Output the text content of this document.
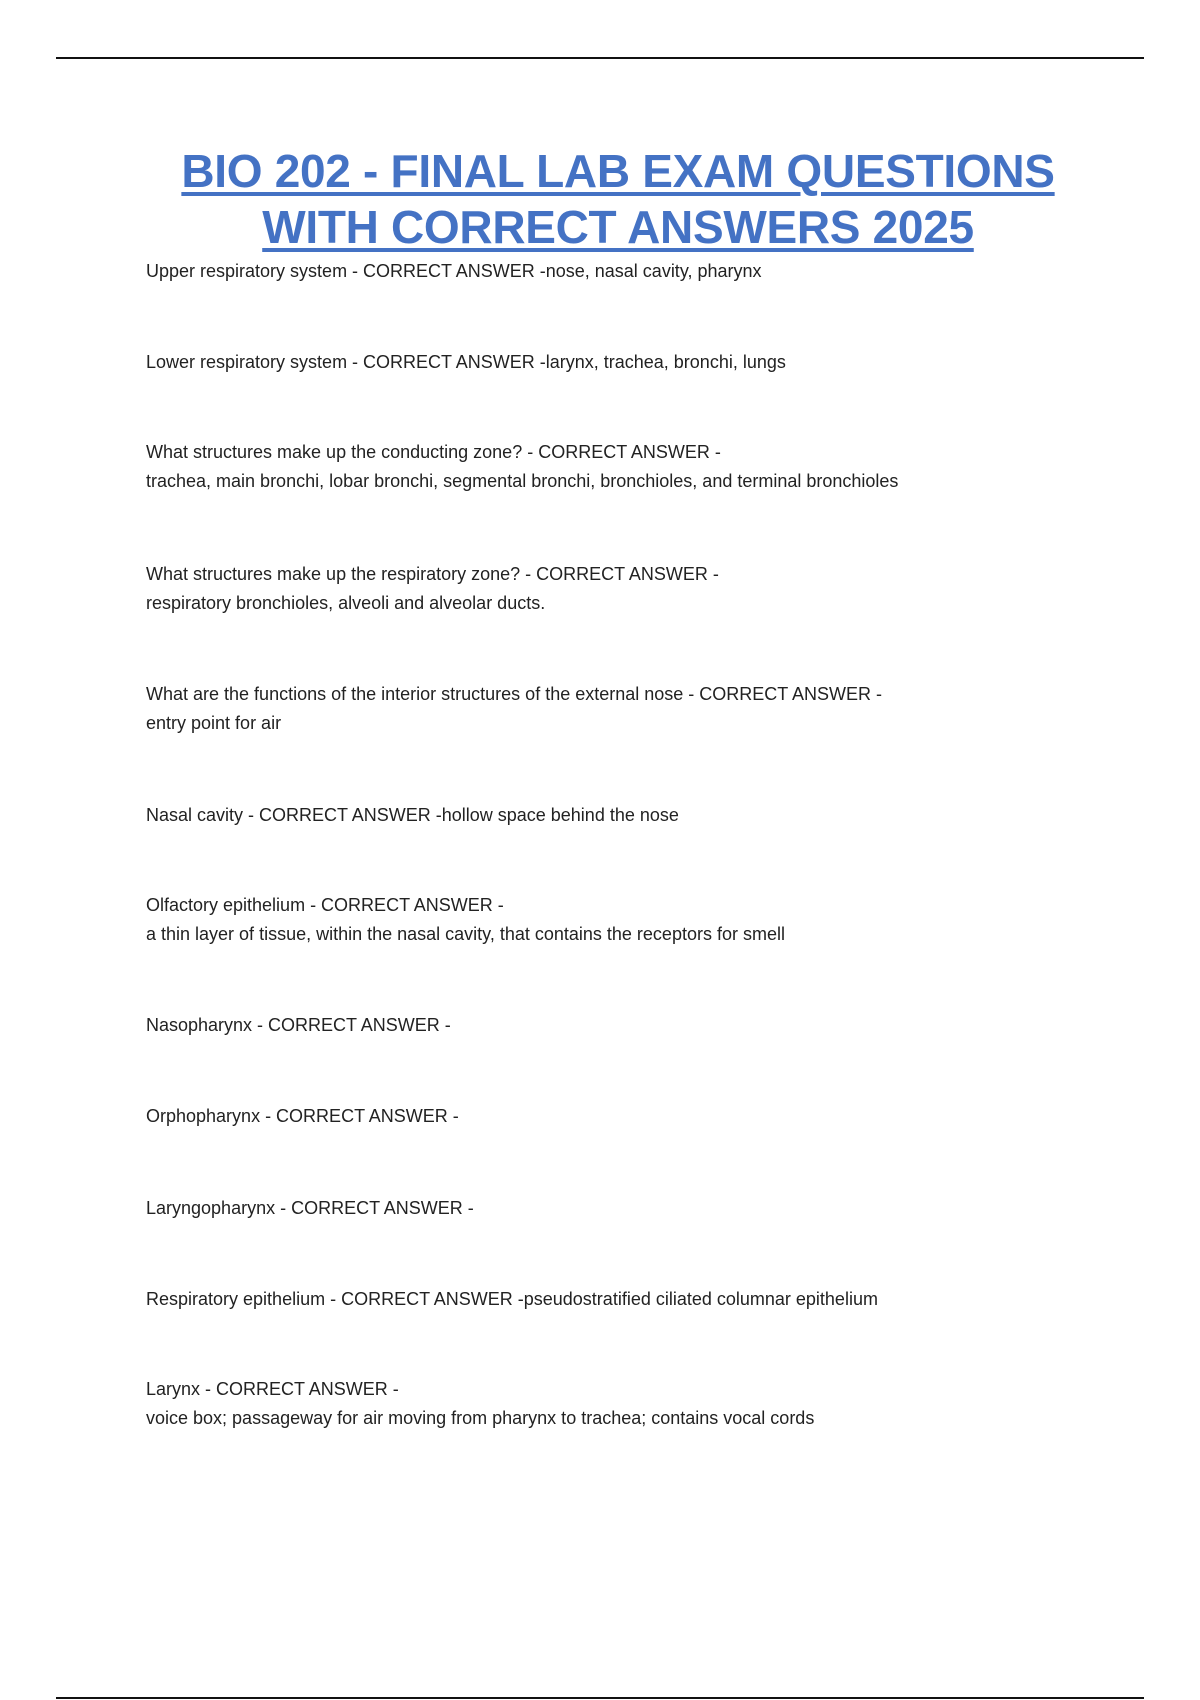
BIO 202 - FINAL LAB EXAM QUESTIONS
WITH CORRECT ANSWERS 2025
Upper respiratory system - CORRECT ANSWER -nose, nasal cavity, pharynx
Lower respiratory system - CORRECT ANSWER -larynx, trachea, bronchi, lungs
What structures make up the conducting zone? - CORRECT ANSWER -
trachea, main bronchi, lobar bronchi, segmental bronchi, bronchioles, and terminal bronchioles
What structures make up the respiratory zone? - CORRECT ANSWER -
respiratory bronchioles, alveoli and alveolar ducts.
What are the functions of the interior structures of the external nose - CORRECT ANSWER -
entry point for air
Nasal cavity - CORRECT ANSWER -hollow space behind the nose
Olfactory epithelium - CORRECT ANSWER -
a thin layer of tissue, within the nasal cavity, that contains the receptors for smell
Nasopharynx - CORRECT ANSWER -
Orphopharynx - CORRECT ANSWER -
Laryngopharynx - CORRECT ANSWER -
Respiratory epithelium - CORRECT ANSWER -pseudostratified ciliated columnar epithelium
Larynx - CORRECT ANSWER -
voice box; passageway for air moving from pharynx to trachea; contains vocal cords
